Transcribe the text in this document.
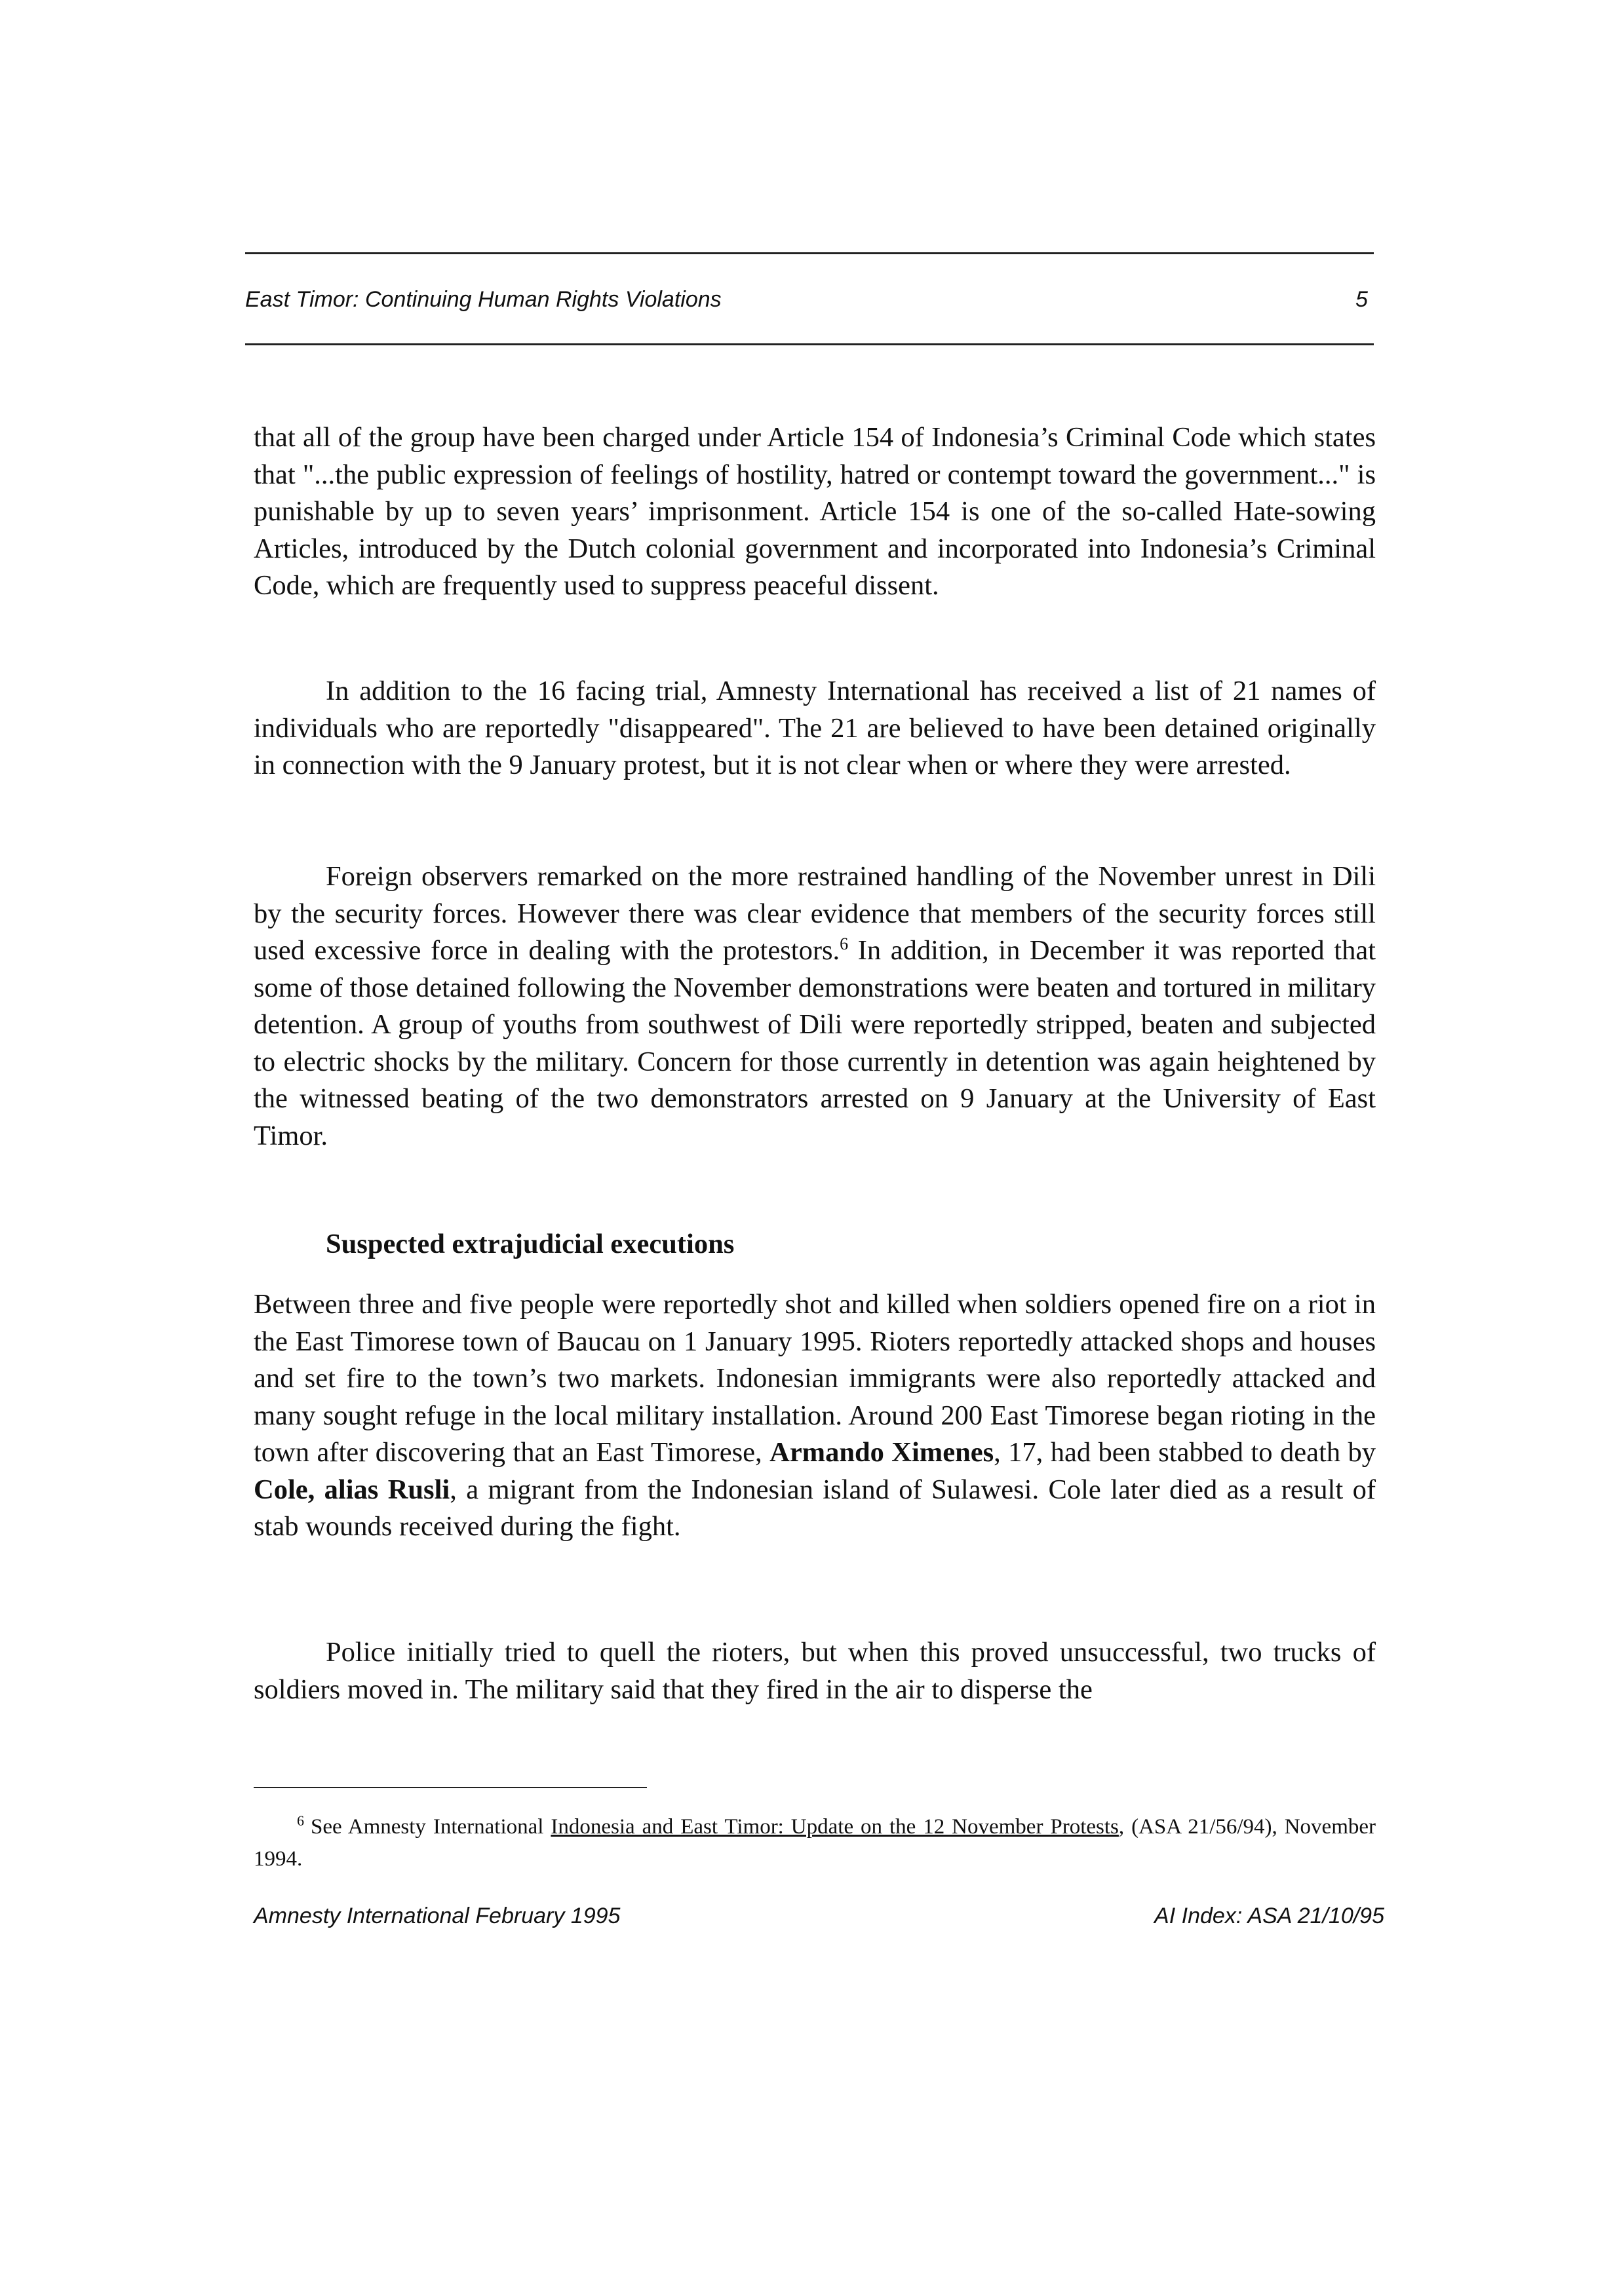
East Timor: Continuing Human Rights Violations	5

that all of the group have been charged under Article 154 of Indonesia’s Criminal Code which states that "...the public expression of feelings of hostility, hatred or contempt toward the government..." is punishable by up to seven years’ imprisonment. Article 154 is one of the so-called Hate-sowing Articles, introduced by the Dutch colonial government and incorporated into Indonesia’s Criminal Code, which are frequently used to suppress peaceful dissent.

In addition to the 16 facing trial, Amnesty International has received a list of 21 names of individuals who are reportedly "disappeared". The 21 are believed to have been detained originally in connection with the 9 January protest, but it is not clear when or where they were arrested.

Foreign observers remarked on the more restrained handling of the November unrest in Dili by the security forces. However there was clear evidence that members of the security forces still used excessive force in dealing with the protestors.$^6$ In addition, in December it was reported that some of those detained following the November demonstrations were beaten and tortured in military detention. A group of youths from southwest of Dili were reportedly stripped, beaten and subjected to electric shocks by the military. Concern for those currently in detention was again heightened by the witnessed beating of the two demonstrators arrested on 9 January at the University of East Timor.

Suspected extrajudicial executions

Between three and five people were reportedly shot and killed when soldiers opened fire on a riot in the East Timorese town of Baucau on 1 January 1995. Rioters reportedly attacked shops and houses and set fire to the town’s two markets. Indonesian immigrants were also reportedly attacked and many sought refuge in the local military installation. Around 200 East Timorese began rioting in the town after discovering that an East Timorese, Armando Ximenes, 17, had been stabbed to death by Cole, alias Rusli, a migrant from the Indonesian island of Sulawesi. Cole later died as a result of stab wounds received during the fight.

Police initially tried to quell the rioters, but when this proved unsuccessful, two trucks of soldiers moved in. The military said that they fired in the air to disperse the

$^6$ See Amnesty International Indonesia and East Timor: Update on the 12 November Protests, (ASA 21/56/94), November 1994.

Amnesty International February 1995	AI Index: ASA 21/10/95
